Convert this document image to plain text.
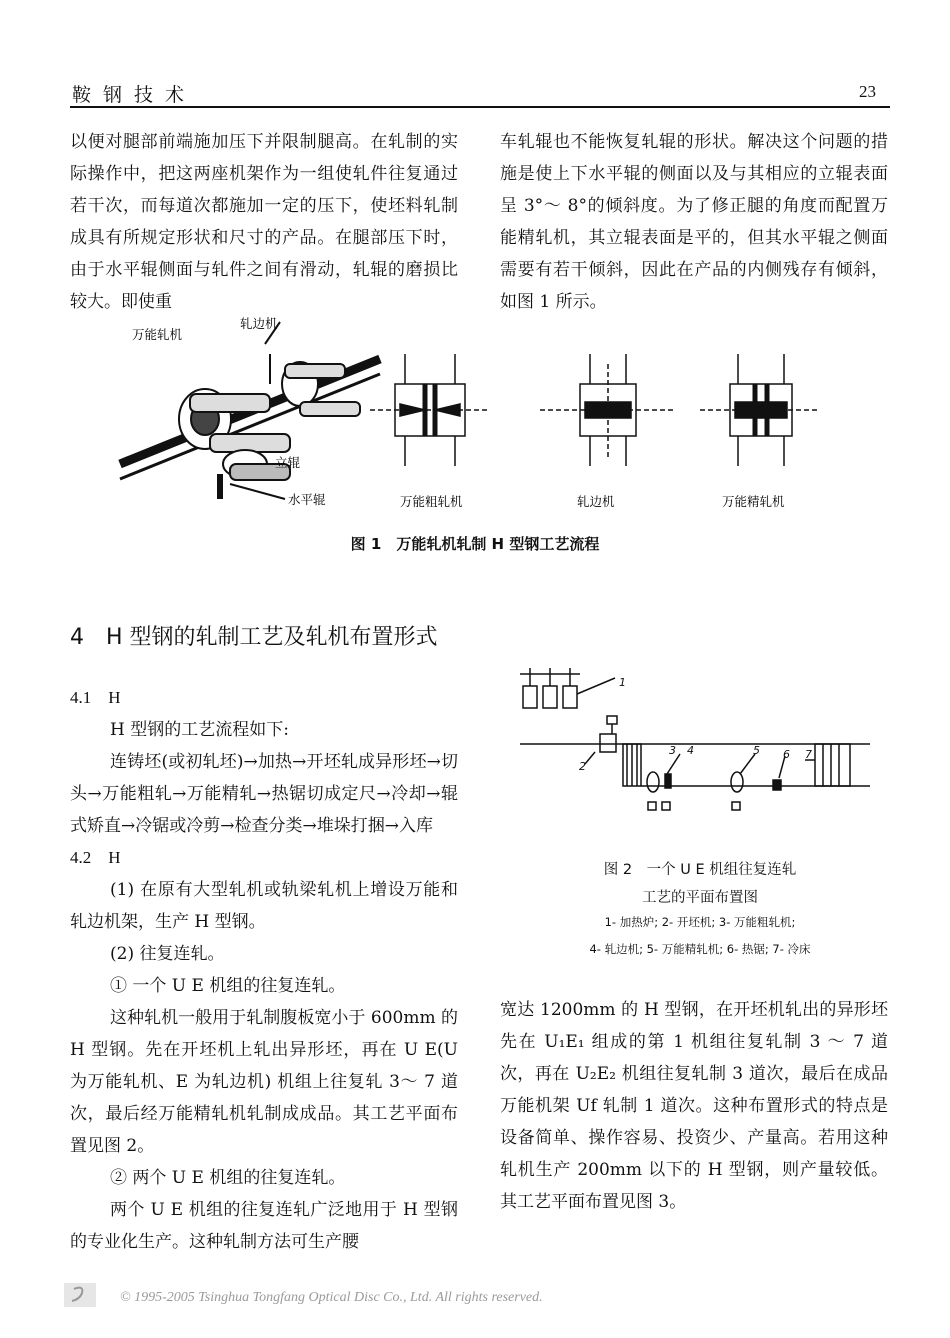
鞍钢技术	23

以便对腿部前端施加压下并限制腿高。在轧制的实际操作中，把这两座机架作为一组使轧件往复通过若干次，而每道次都施加一定的压下，使坯料轧制成具有所规定形状和尺寸的产品。在腿部压下时，由于水平辊侧面与轧件之间有滑动，轧辊的磨损比较大。即使重

车轧辊也不能恢复轧辊的形状。解决这个问题的措施是使上下水平辊的侧面以及与其相应的立辊表面呈 3°～ 8°的倾斜度。为了修正腿的角度而配置万能精轧机，其立辊表面是平的，但其水平辊之侧面需要有若干倾斜，因此在产品的内侧残存有倾斜，如图 1 所示。

万能轧机
轧边机
立辊
水平辊	万能粗轧机	轧边机	万能精轧机
图 1　万能轧机轧制 H 型钢工艺流程
4　H 型钢的轧制工艺及轧机布置形式

4.1　H

H 型钢的工艺流程如下:

连铸坯(或初轧坯)→加热→开坯轧成异形坯→切头→万能粗轧→万能精轧→热锯切成定尺→冷却→辊式矫直→冷锯或冷剪→检查分类→堆垛打捆→入库

4.2　H

(1) 在原有大型轧机或轨梁轧机上增设万能和轧边机架，生产 H 型钢。

(2) 往复连轧。

① 一个 U E 机组的往复连轧。

这种轧机一般用于轧制腹板宽小于 600mm 的 H 型钢。先在开坯机上轧出异形坯，再在 U E(U 为万能轧机、E 为轧边机) 机组上往复轧 3～ 7 道次，最后经万能精轧机轧制成成品。其工艺平面布置见图 2。

② 两个 U E 机组的往复连轧。

两个 U E 机组的往复连轧广泛地用于 H 型钢的专业化生产。这种轧制方法可生产腰

1
2
3 4	5 6 7
图 2　一个 U E 机组往复连轧
工艺的平面布置图
1- 加热炉; 2- 开坯机; 3- 万能粗轧机;
4- 轧边机; 5- 万能精轧机; 6- 热锯; 7- 冷床

宽达 1200mm 的 H 型钢，在开坯机轧出的异形坯先在 U₁E₁ 组成的第 1 机组往复轧制 3 ～ 7 道次，再在 U₂E₂ 机组往复轧制 3 道次，最后在成品万能机架 Uf 轧制 1 道次。这种布置形式的特点是设备简单、操作容易、投资少、产量高。若用这种轧机生产 200mm 以下的 H 型钢，则产量较低。其工艺平面布置见图 3。

© 1995-2005 Tsinghua Tongfang Optical Disc Co., Ltd. All rights reserved.
